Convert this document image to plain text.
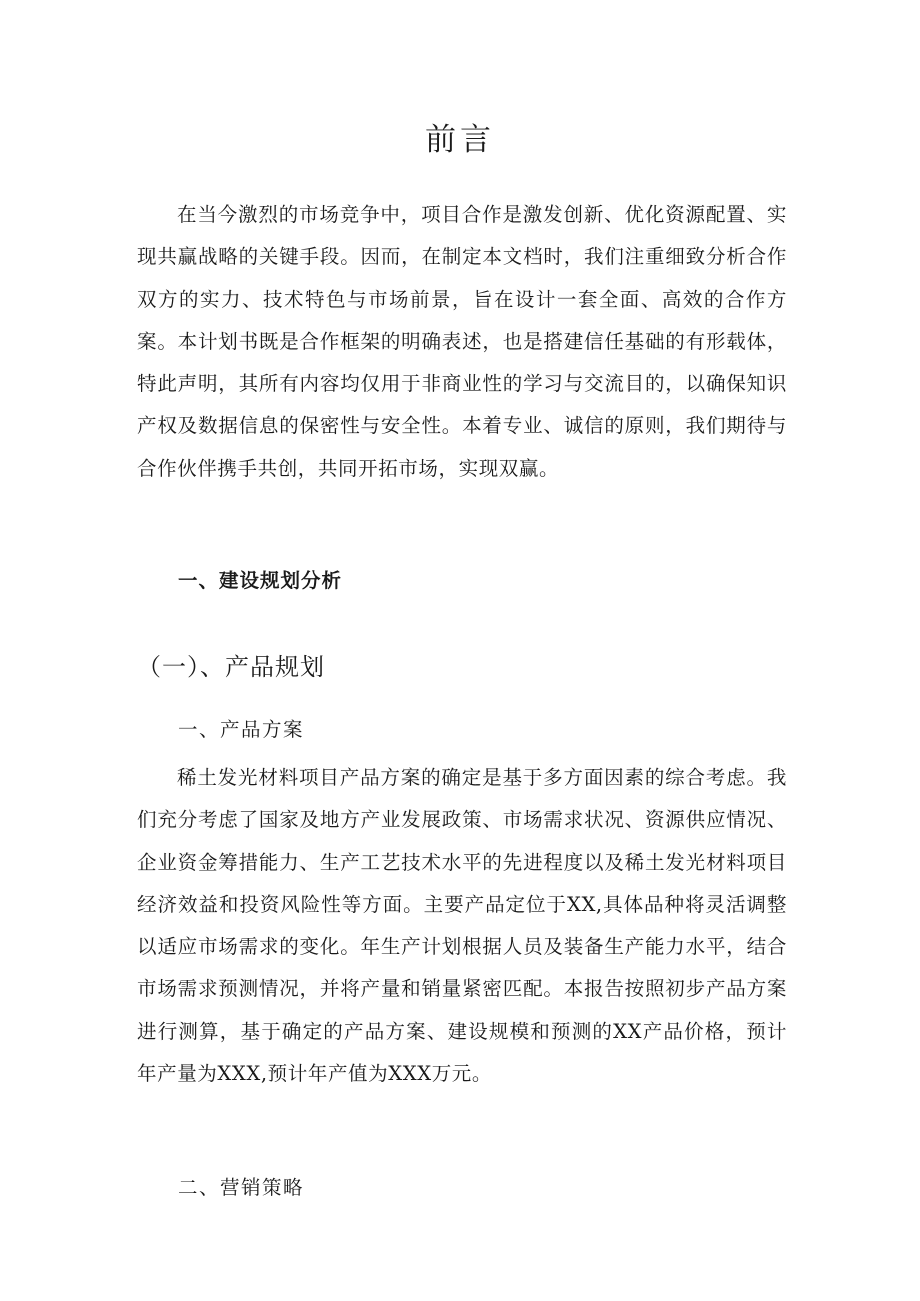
前言

在当今激烈的市场竞争中，项目合作是激发创新、优化资源配置、实现共赢战略的关键手段。因而，在制定本文档时，我们注重细致分析合作双方的实力、技术特色与市场前景，旨在设计一套全面、高效的合作方案。本计划书既是合作框架的明确表述，也是搭建信任基础的有形载体，特此声明，其所有内容均仅用于非商业性的学习与交流目的，以确保知识产权及数据信息的保密性与安全性。本着专业、诚信的原则，我们期待与合作伙伴携手共创，共同开拓市场，实现双赢。

一、建设规划分析
（一）、产品规划
一、产品方案

稀土发光材料项目产品方案的确定是基于多方面因素的综合考虑。我们充分考虑了国家及地方产业发展政策、市场需求状况、资源供应情况、企业资金筹措能力、生产工艺技术水平的先进程度以及稀土发光材料项目经济效益和投资风险性等方面。主要产品定位于XX,具体品种将灵活调整以适应市场需求的变化。年生产计划根据人员及装备生产能力水平，结合市场需求预测情况，并将产量和销量紧密匹配。本报告按照初步产品方案进行测算，基于确定的产品方案、建设规模和预测的XX产品价格，预计年产量为XXX,预计年产值为XXX万元。

二、营销策略
